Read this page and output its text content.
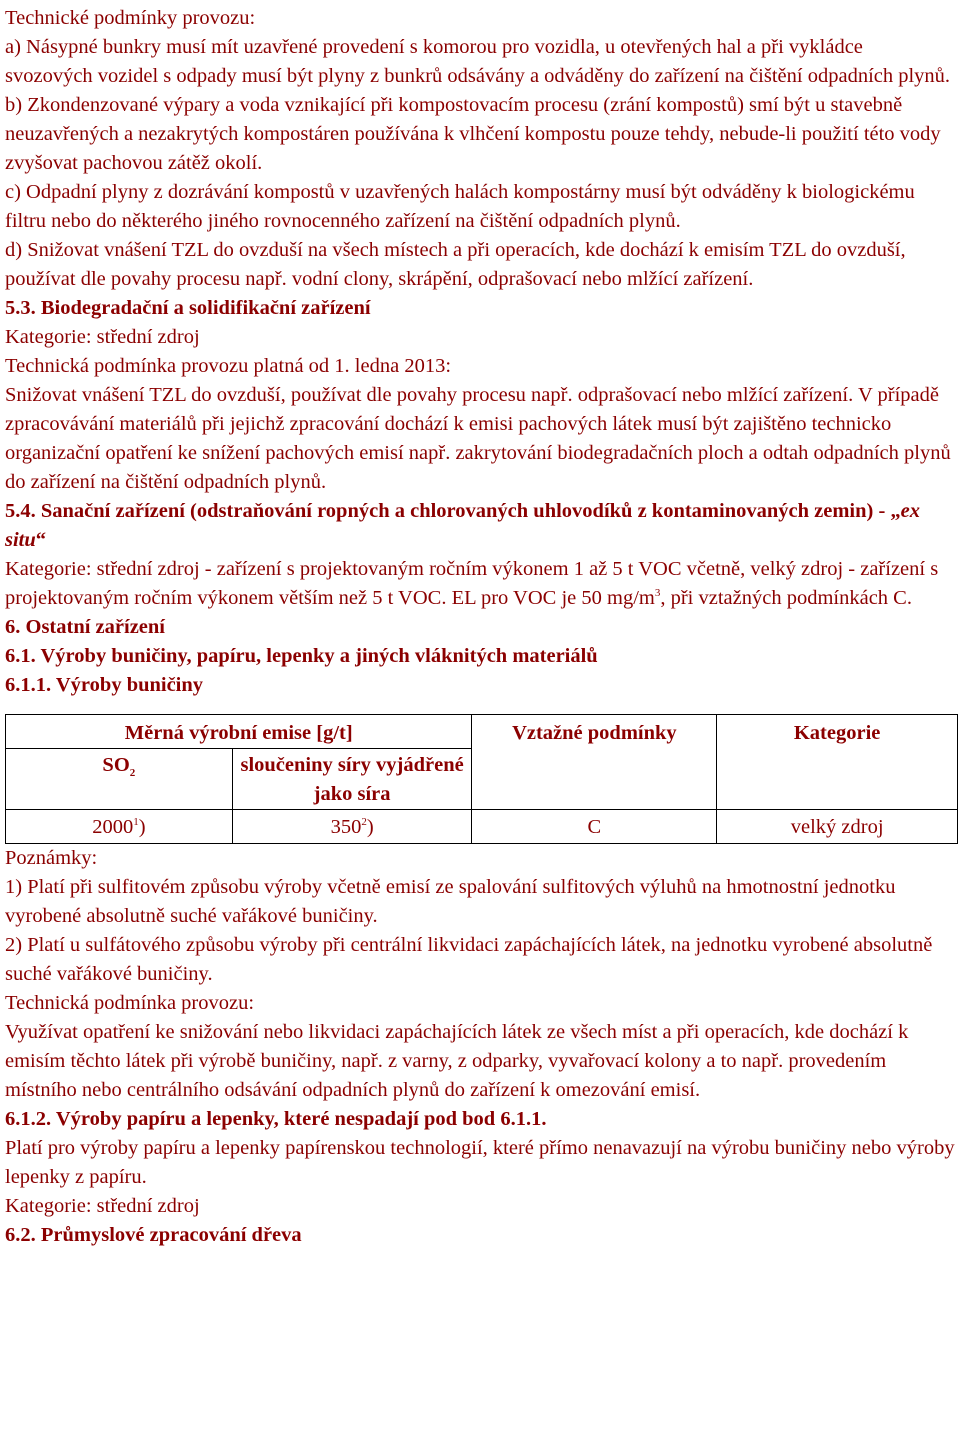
Technické podmínky provozu:

a) Násypné bunkry musí mít uzavřené provedení s komorou pro vozidla, u otevřených hal a při vykládce svozových vozidel s odpady musí být plyny z bunkrů odsávány a odváděny do zařízení na čištění odpadních plynů.

b) Zkondenzované výpary a voda vznikající při kompostovacím procesu (zrání kompostů) smí být u stavebně neuzavřených a nezakrytých kompostáren používána k vlhčení kompostu pouze tehdy, nebude-li použití této vody zvyšovat pachovou zátěž okolí.

c) Odpadní plyny z dozrávání kompostů v uzavřených halách kompostárny musí být odváděny k biologickému filtru nebo do některého jiného rovnocenného zařízení na čištění odpadních plynů.

d) Snižovat vnášení TZL do ovzduší na všech místech a při operacích, kde dochází k emisím TZL do ovzduší, používat dle povahy procesu např. vodní clony, skrápění, odprašovací nebo mlžící zařízení.

5.3. Biodegradační a solidifikační zařízení

Kategorie: střední zdroj

Technická podmínka provozu platná od 1. ledna 2013:

Snižovat vnášení TZL do ovzduší, používat dle povahy procesu např. odprašovací nebo mlžící zařízení. V případě zpracovávání materiálů při jejichž zpracování dochází k emisi pachových látek musí být zajištěno technicko organizační opatření ke snížení pachových emisí např. zakrytování biodegradačních ploch a odtah odpadních plynů do zařízení na čištění odpadních plynů.

5.4. Sanační zařízení (odstraňování ropných a chlorovaných uhlovodíků z kontaminovaných zemin) - „ex situ“

Kategorie: střední zdroj - zařízení s projektovaným ročním výkonem 1 až 5 t VOC včetně, velký zdroj - zařízení s projektovaným ročním výkonem větším než 5 t VOC. EL pro VOC je 50 mg/m$^3$, při vztažných podmínkách C.

6. Ostatní zařízení

6.1. Výroby buničiny, papíru, lepenky a jiných vláknitých materiálů

6.1.1. Výroby buničiny

Měrná výrobní emise [g/t]		Vztažné podmínky	Kategorie
$SO_2$	sloučeniny síry vyjádřené jako síra		
2000$^1$)	350$^2$)	C	velký zdroj

Poznámky:

1) Platí při sulfitovém způsobu výroby včetně emisí ze spalování sulfitových výluhů na hmotnostní jednotku vyrobené absolutně suché vařákové buničiny.

2) Platí u sulfátového způsobu výroby při centrální likvidaci zapáchajících látek, na jednotku vyrobené absolutně suché vařákové buničiny.

Technická podmínka provozu:

Využívat opatření ke snižování nebo likvidaci zapáchajících látek ze všech míst a při operacích, kde dochází k emisím těchto látek při výrobě buničiny, např. z varny, z odparky, vyvařovací kolony a to např. provedením místního nebo centrálního odsávání odpadních plynů do zařízení k omezování emisí.

6.1.2. Výroby papíru a lepenky, které nespadají pod bod 6.1.1.

Platí pro výroby papíru a lepenky papírenskou technologií, které přímo nenavazují na výrobu buničiny nebo výroby lepenky z papíru.

Kategorie: střední zdroj

6.2. Průmyslové zpracování dřeva
